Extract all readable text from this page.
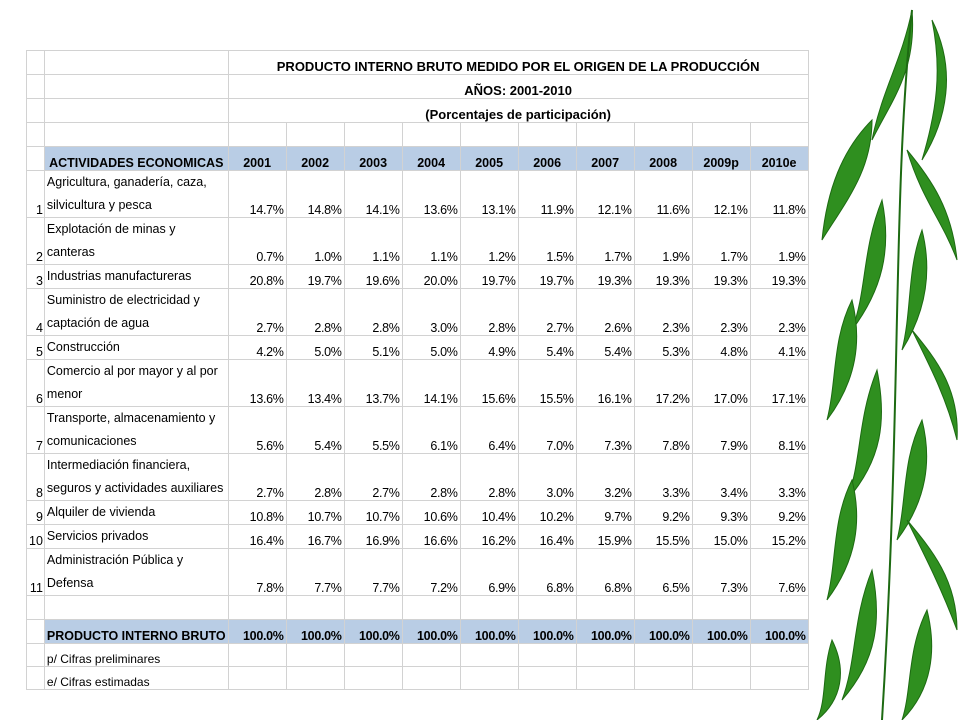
		PRODUCTO INTERNO BRUTO MEDIDO POR EL ORIGEN DE LA PRODUCCIÓN									
		AÑOS: 2001-2010									
		(Porcentajes de participación)									

	ACTIVIDADES ECONOMICAS	2001	2002	2003	2004	2005	2006	2007	2008	2009p	2010e
1	Agricultura, ganadería, caza, silvicultura y pesca	14.7%	14.8%	14.1%	13.6%	13.1%	11.9%	12.1%	11.6%	12.1%	11.8%
2	Explotación de minas y canteras	0.7%	1.0%	1.1%	1.1%	1.2%	1.5%	1.7%	1.9%	1.7%	1.9%
3	Industrias manufactureras	20.8%	19.7%	19.6%	20.0%	19.7%	19.7%	19.3%	19.3%	19.3%	19.3%
4	Suministro de electricidad y captación de agua	2.7%	2.8%	2.8%	3.0%	2.8%	2.7%	2.6%	2.3%	2.3%	2.3%
5	Construcción	4.2%	5.0%	5.1%	5.0%	4.9%	5.4%	5.4%	5.3%	4.8%	4.1%
6	Comercio al por mayor y al por menor	13.6%	13.4%	13.7%	14.1%	15.6%	15.5%	16.1%	17.2%	17.0%	17.1%
7	Transporte, almacenamiento y comunicaciones	5.6%	5.4%	5.5%	6.1%	6.4%	7.0%	7.3%	7.8%	7.9%	8.1%
8	Intermediación financiera, seguros y actividades auxiliares	2.7%	2.8%	2.7%	2.8%	2.8%	3.0%	3.2%	3.3%	3.4%	3.3%
9	Alquiler de vivienda	10.8%	10.7%	10.7%	10.6%	10.4%	10.2%	9.7%	9.2%	9.3%	9.2%
10	Servicios privados	16.4%	16.7%	16.9%	16.6%	16.2%	16.4%	15.9%	15.5%	15.0%	15.2%
11	Administración Pública y Defensa	7.8%	7.7%	7.7%	7.2%	6.9%	6.8%	6.8%	6.5%	7.3%	7.6%

	PRODUCTO INTERNO BRUTO	100.0%	100.0%	100.0%	100.0%	100.0%	100.0%	100.0%	100.0%	100.0%	100.0%
	p/ Cifras preliminares										
	e/ Cifras estimadas										
